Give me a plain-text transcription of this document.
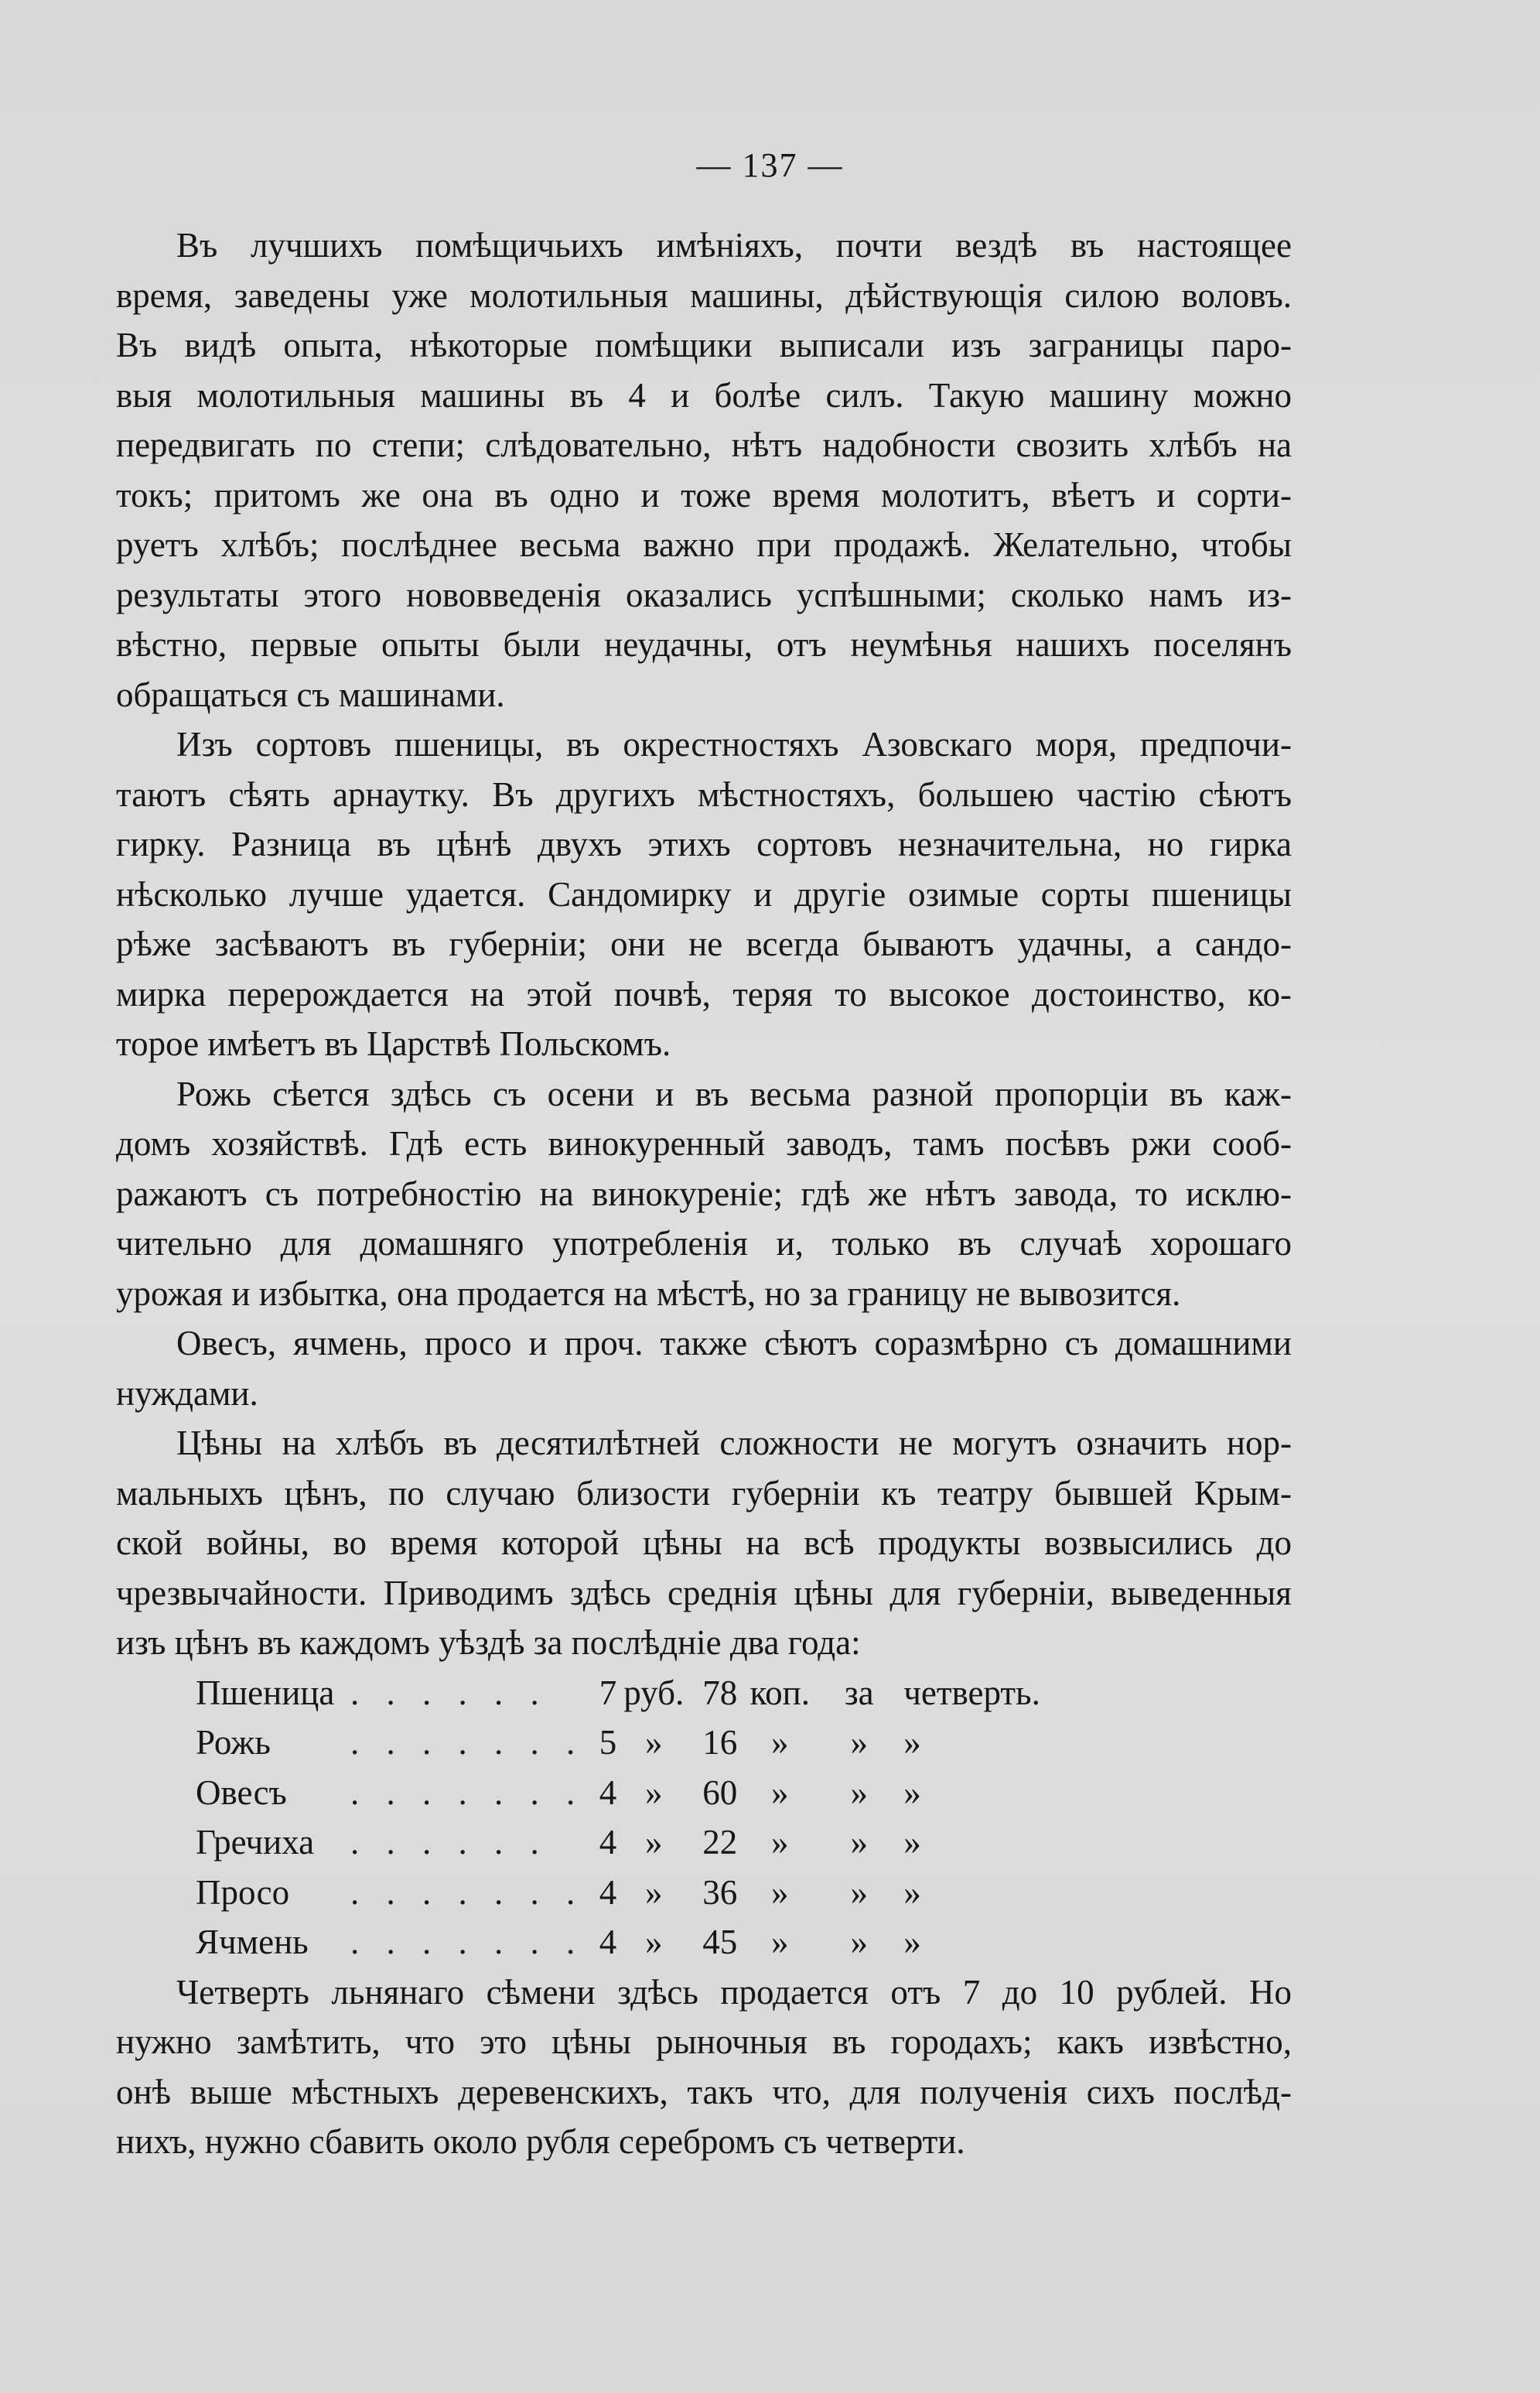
— 137 —
Въ лучшихъ помѣщичьихъ имѣніяхъ, почти вездѣ въ настоящее
время, заведены уже молотильныя машины, дѣйствующія силою воловъ.
Въ видѣ опыта, нѣкоторые помѣщики выписали изъ заграницы паро-
выя молотильныя машины въ 4 и болѣе силъ. Такую машину можно
передвигать по степи; слѣдовательно, нѣтъ надобности свозить хлѣбъ на
токъ; притомъ же она въ одно и тоже время молотитъ, вѣетъ и сорти-
руетъ хлѣбъ; послѣднее весьма важно при продажѣ. Желательно, чтобы
результаты этого нововведенія оказались успѣшными; сколько намъ из-
вѣстно, первые опыты были неудачны, отъ неумѣнья нашихъ поселянъ
обращаться съ машинами.
Изъ сортовъ пшеницы, въ окрестностяхъ Азовскаго моря, предпочи-
таютъ сѣять арнаутку. Въ другихъ мѣстностяхъ, большею частію сѣютъ
гирку. Разница въ цѣнѣ двухъ этихъ сортовъ незначительна, но гирка
нѣсколько лучше удается. Сандомирку и другіе озимые сорты пшеницы
рѣже засѣваютъ въ губерніи; они не всегда бываютъ удачны, а сандо-
мирка перерождается на этой почвѣ, теряя то высокое достоинство, ко-
торое имѣетъ въ Царствѣ Польскомъ.
Рожь сѣется здѣсь съ осени и въ весьма разной пропорціи въ каж-
домъ хозяйствѣ. Гдѣ есть винокуренный заводъ, тамъ посѣвъ ржи сооб-
ражаютъ съ потребностію на винокуреніе; гдѣ же нѣтъ завода, то исклю-
чительно для домашняго употребленія и, только въ случаѣ хорошаго
урожая и избытка, она продается на мѣстѣ, но за границу не вывозится.
Овесъ, ячмень, просо и проч. также сѣютъ соразмѣрно съ домашними
нуждами.
Цѣны на хлѣбъ въ десятилѣтней сложности не могутъ означить нор-
мальныхъ цѣнъ, по случаю близости губерніи къ театру бывшей Крым-
ской войны, во время которой цѣны на всѣ продукты возвысились до
чрезвычайности. Приводимъ здѣсь среднія цѣны для губерніи, выведенныя
изъ цѣнъ въ каждомъ уѣздѣ за послѣдніе два года:
Пшеница	. . . . . .	7	руб.	78	коп.	за	четверть.
Рожь	. . . . . . .	5	»	16	»	»	»
Овесъ	. . . . . . .	4	»	60	»	»	»
Гречиха	. . . . . .	4	»	22	»	»	»
Просо	. . . . . . .	4	»	36	»	»	»
Ячмень	. . . . . . .	4	»	45	»	»	»
Четверть льнянаго сѣмени здѣсь продается отъ 7 до 10 рублей. Но
нужно замѣтить, что это цѣны рыночныя въ городахъ; какъ извѣстно,
онѣ выше мѣстныхъ деревенскихъ, такъ что, для полученія сихъ послѣд-
нихъ, нужно сбавить около рубля серебромъ съ четверти.
